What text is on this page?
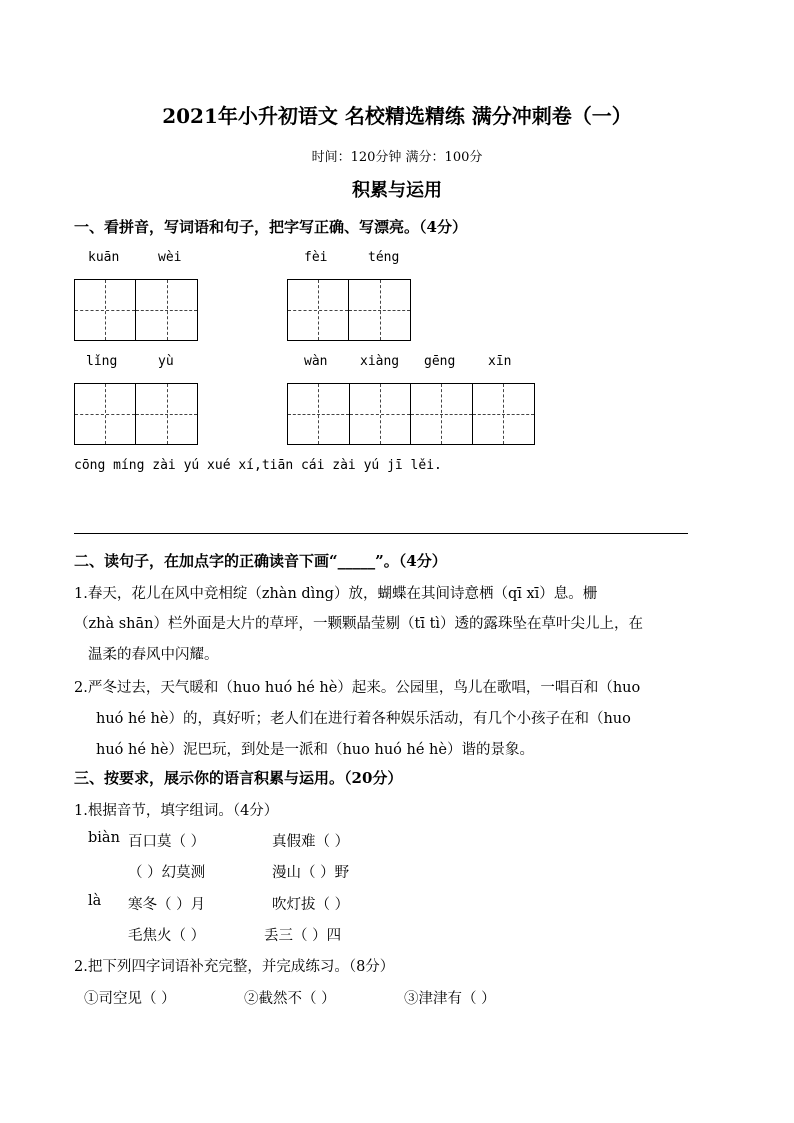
2021年小升初语文 名校精选精练 满分冲刺卷（一）
时间：120分钟 满分：100分
积累与运用
一、看拼音，写词语和句子，把字写正确、写漂亮。（4分）
kuān	wèi	fèi	téng
lǐng	yù	wàn	xiàng gēng	xīn
cōng míng zài yú xué xí,tiān cái zài yú jī lěi.
二、读句子，在加点字的正确读音下画“_____”。（4分）
1.春天，花儿在风中竞相绽（zhàn dìng）放，蝴蝶在其间诗意栖（qī xī）息。栅
（zhà shān）栏外面是大片的草坪，一颗颗晶莹剔（tī tì）透的露珠坠在草叶尖儿上，在
温柔的春风中闪耀。
2.严冬过去，天气暖和（huo huó hé hè）起来。公园里，鸟儿在歌唱，一唱百和（huo
huó hé hè）的，真好听；老人们在进行着各种娱乐活动，有几个小孩子在和（huo
huó hé hè）泥巴玩，到处是一派和（huo huó hé hè）谐的景象。
三、按要求，展示你的语言积累与运用。（20分）
1.根据音节，填字组词。（4分）
biàn 百口莫（ ）	真假难（ ）
（ ）幻莫测	漫山（ ）野
là 寒冬（ ）月	吹灯拔（ ）
毛焦火（ ）	丢三（ ）四
2.把下列四字词语补充完整，并完成练习。（8分）
①司空见（ ）	②截然不（ ）	③津津有（ ）
